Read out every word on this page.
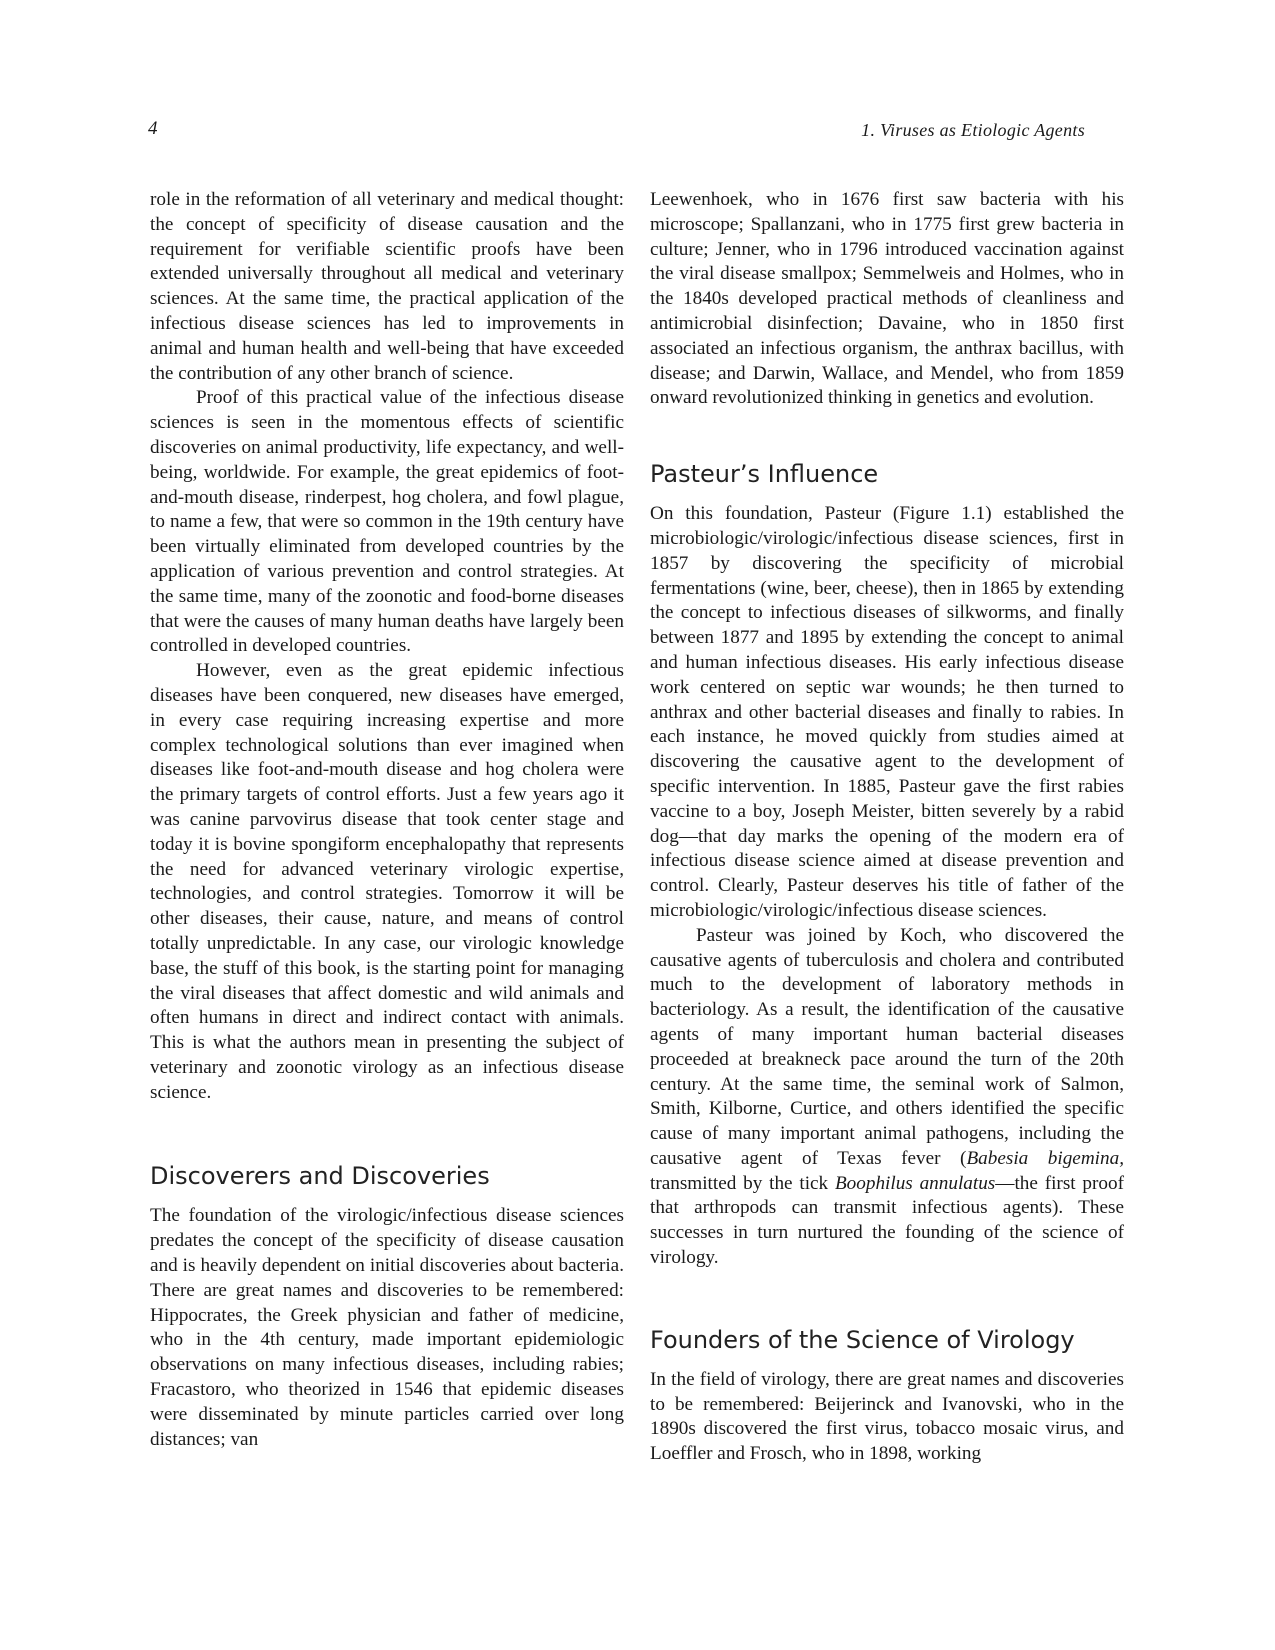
4	1. Viruses as Etiologic Agents

role in the reformation of all veterinary and medical thought: the concept of specificity of disease causation and the requirement for verifiable scientific proofs have been extended universally throughout all medical and veterinary sciences. At the same time, the practical application of the infectious disease sciences has led to improvements in animal and human health and well-being that have exceeded the contribution of any other branch of science.

Proof of this practical value of the infectious disease sciences is seen in the momentous effects of scientific discoveries on animal productivity, life expectancy, and well-being, worldwide. For example, the great epidemics of foot-and-mouth disease, rinderpest, hog cholera, and fowl plague, to name a few, that were so common in the 19th century have been virtually eliminated from developed countries by the application of various prevention and control strategies. At the same time, many of the zoonotic and food-borne diseases that were the causes of many human deaths have largely been controlled in developed countries.

However, even as the great epidemic infectious diseases have been conquered, new diseases have emerged, in every case requiring increasing expertise and more complex technological solutions than ever imagined when diseases like foot-and-mouth disease and hog cholera were the primary targets of control efforts. Just a few years ago it was canine parvovirus disease that took center stage and today it is bovine spongiform encephalopathy that represents the need for advanced veterinary virologic expertise, technologies, and control strategies. Tomorrow it will be other diseases, their cause, nature, and means of control totally unpredictable. In any case, our virologic knowledge base, the stuff of this book, is the starting point for managing the viral diseases that affect domestic and wild animals and often humans in direct and indirect contact with animals. This is what the authors mean in presenting the subject of veterinary and zoonotic virology as an infectious disease science.

Discoverers and Discoveries

The foundation of the virologic/infectious disease sciences predates the concept of the specificity of disease causation and is heavily dependent on initial discoveries about bacteria. There are great names and discoveries to be remembered: Hippocrates, the Greek physician and father of medicine, who in the 4th century, made important epidemiologic observations on many infectious diseases, including rabies; Fracastoro, who theorized in 1546 that epidemic diseases were disseminated by minute particles carried over long distances; van

Leewenhoek, who in 1676 first saw bacteria with his microscope; Spallanzani, who in 1775 first grew bacteria in culture; Jenner, who in 1796 introduced vaccination against the viral disease smallpox; Semmelweis and Holmes, who in the 1840s developed practical methods of cleanliness and antimicrobial disinfection; Davaine, who in 1850 first associated an infectious organism, the anthrax bacillus, with disease; and Darwin, Wallace, and Mendel, who from 1859 onward revolutionized thinking in genetics and evolution.

Pasteur’s Influence

On this foundation, Pasteur (Figure 1.1) established the microbiologic/virologic/infectious disease sciences, first in 1857 by discovering the specificity of microbial fermentations (wine, beer, cheese), then in 1865 by extending the concept to infectious diseases of silkworms, and finally between 1877 and 1895 by extending the concept to animal and human infectious diseases. His early infectious disease work centered on septic war wounds; he then turned to anthrax and other bacterial diseases and finally to rabies. In each instance, he moved quickly from studies aimed at discovering the causative agent to the development of specific intervention. In 1885, Pasteur gave the first rabies vaccine to a boy, Joseph Meister, bitten severely by a rabid dog—that day marks the opening of the modern era of infectious disease science aimed at disease prevention and control. Clearly, Pasteur deserves his title of father of the microbiologic/virologic/infectious disease sciences.

Pasteur was joined by Koch, who discovered the causative agents of tuberculosis and cholera and contributed much to the development of laboratory methods in bacteriology. As a result, the identification of the causative agents of many important human bacterial diseases proceeded at breakneck pace around the turn of the 20th century. At the same time, the seminal work of Salmon, Smith, Kilborne, Curtice, and others identified the specific cause of many important animal pathogens, including the causative agent of Texas fever (Babesia bigemina, transmitted by the tick Boophilus annulatus—the first proof that arthropods can transmit infectious agents). These successes in turn nurtured the founding of the science of virology.

Founders of the Science of Virology

In the field of virology, there are great names and discoveries to be remembered: Beijerinck and Ivanovski, who in the 1890s discovered the first virus, tobacco mosaic virus, and Loeffler and Frosch, who in 1898, working
